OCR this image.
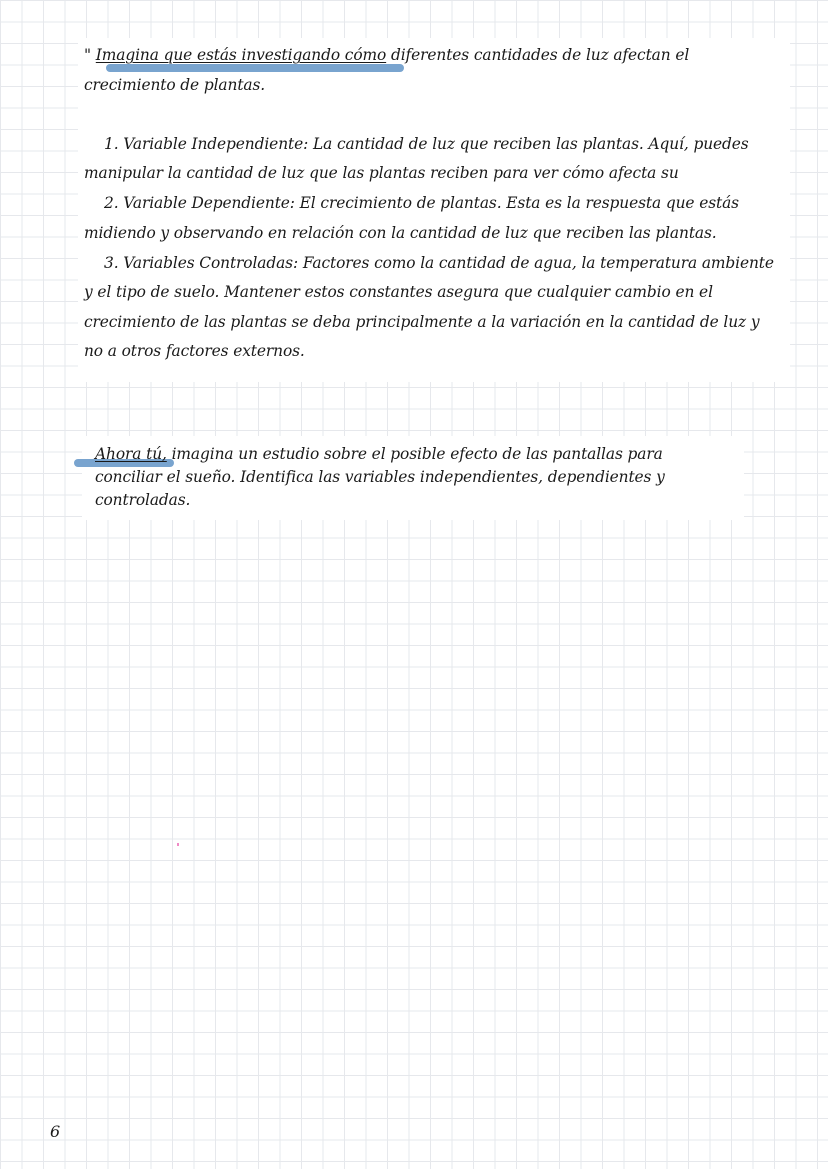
" Imagina que estás investigando cómo diferentes cantidades de luz afectan el
crecimiento de plantas.
1. Variable Independiente: La cantidad de luz que reciben las plantas. Aquí, puedes
manipular la cantidad de luz que las plantas reciben para ver cómo afecta su
2. Variable Dependiente: El crecimiento de plantas. Esta es la respuesta que estás
midiendo y observando en relación con la cantidad de luz que reciben las plantas.
3. Variables Controladas: Factores como la cantidad de agua, la temperatura ambiente
y el tipo de suelo. Mantener estos constantes asegura que cualquier cambio en el
crecimiento de las plantas se deba principalmente a la variación en la cantidad de luz y
no a otros factores externos.
Ahora tú, imagina un estudio sobre el posible efecto de las pantallas para
conciliar el sueño. Identifica las variables independientes, dependientes y
controladas.
6
